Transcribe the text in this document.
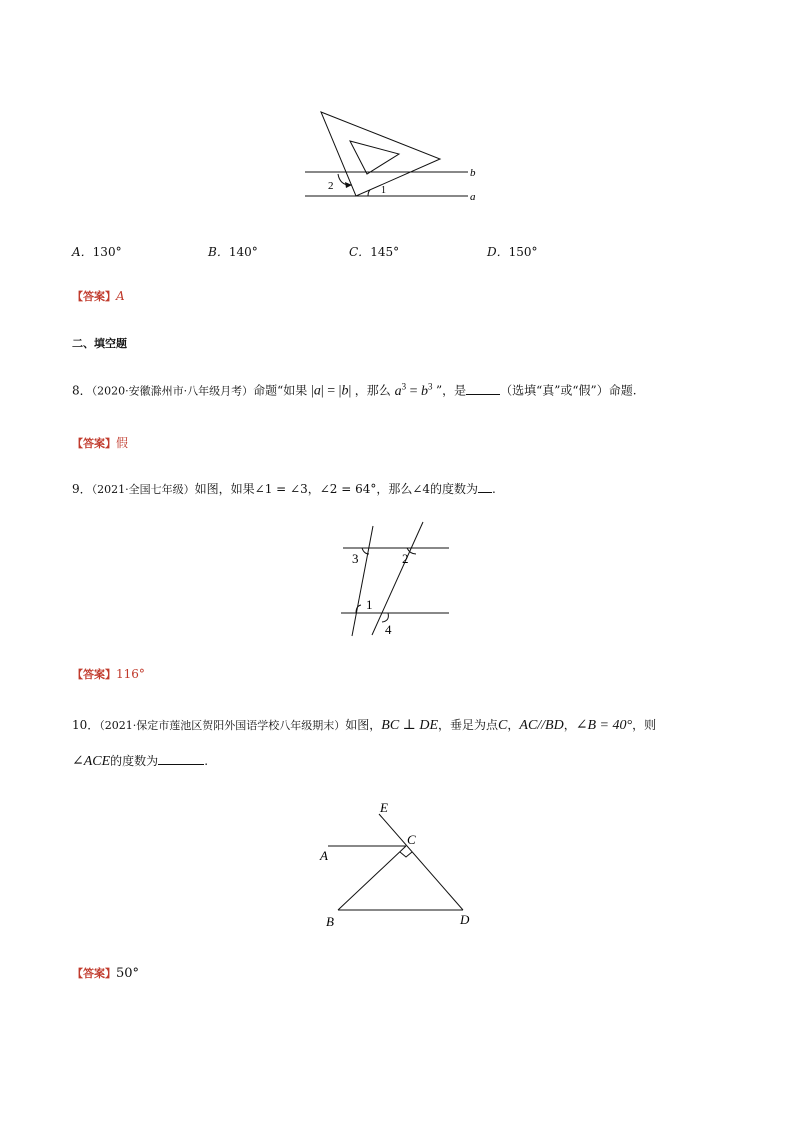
b
a
2	1
A．130°	B．140°	C．145°	D．150°
【答案】A
二、填空题
8．（2020·安徽滁州市·八年级月考）命题“如果 |a| = |b| ，那么 $a^3 = b^3$ ”，是	（选填“真”或“假”）命题.
【答案】假
9．（2021·全国七年级）如图，如果∠1 = ∠3，∠2 = 64°，那么∠4的度数为 .
3	2
1
4
【答案】116°
10．（2021·保定市莲池区贺阳外国语学校八年级期末）如图，BC ⊥ DE，垂足为点C，AC//BD，∠B = 40°，则
∠ACE的度数为	.
E
C
A
B	D
【答案】50°
